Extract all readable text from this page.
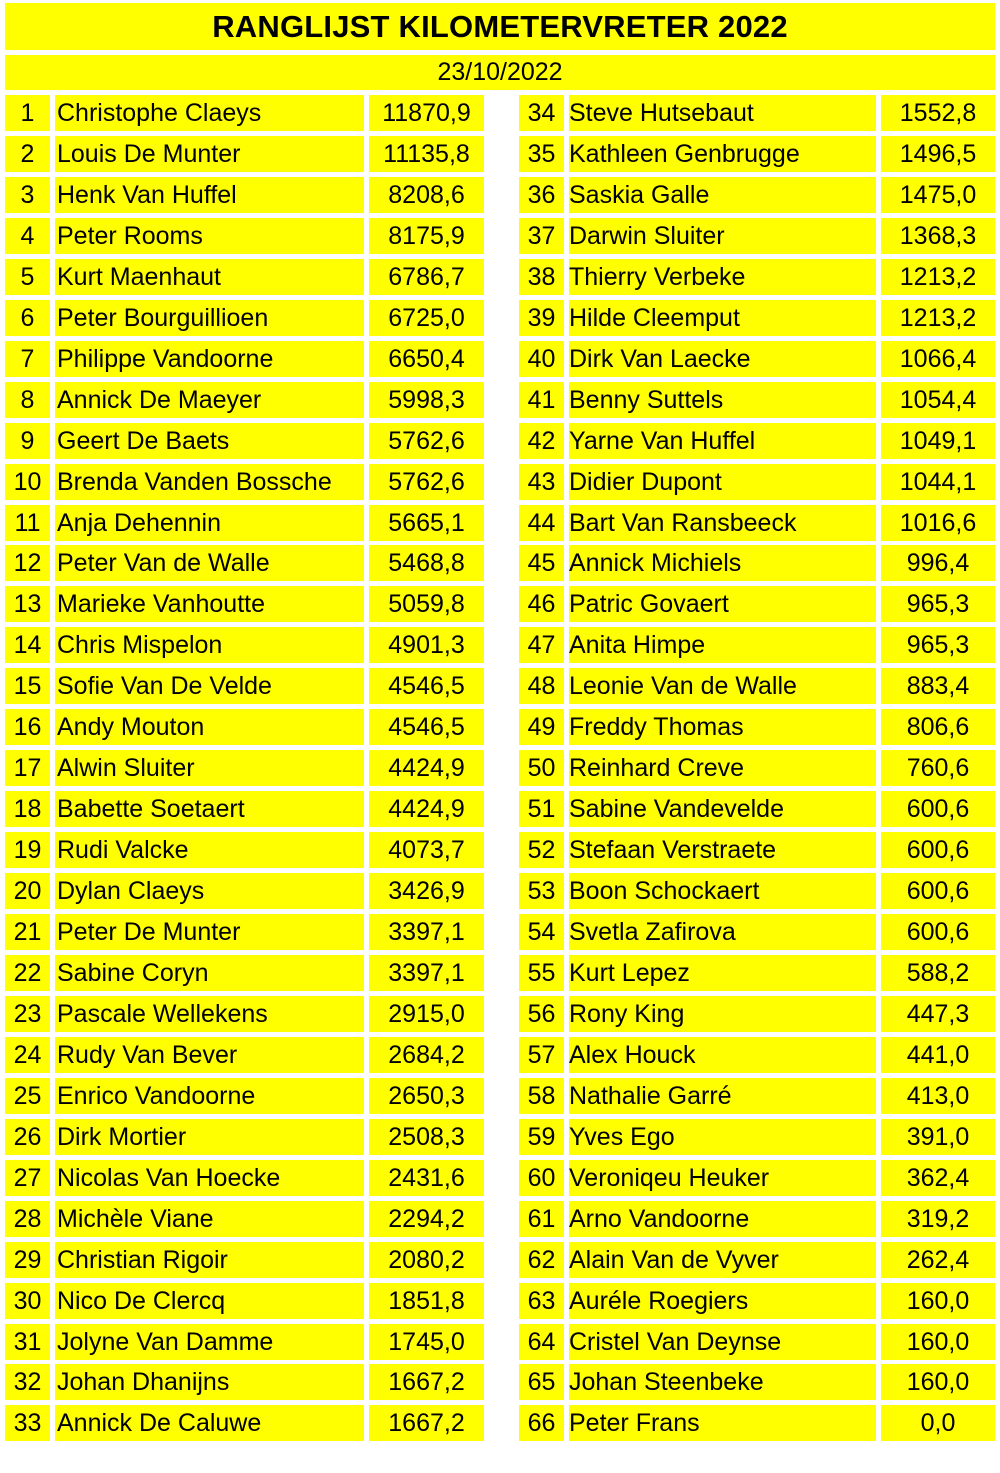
RANGLIJST KILOMETERVRETER 2022
23/10/2022
1 Christophe Claeys	11870,9	34 Steve Hutsebaut	1552,8
2 Louis De Munter	11135,8	35 Kathleen Genbrugge	1496,5
3 Henk Van Huffel	8208,6	36 Saskia Galle	1475,0
4 Peter Rooms	8175,9	37 Darwin Sluiter	1368,3
5 Kurt Maenhaut	6786,7	38 Thierry Verbeke	1213,2
6 Peter Bourguillioen	6725,0	39 Hilde Cleemput	1213,2
7 Philippe Vandoorne	6650,4	40 Dirk Van Laecke	1066,4
8 Annick De Maeyer	5998,3	41 Benny Suttels	1054,4
9 Geert De Baets	5762,6	42 Yarne Van Huffel	1049,1
10 Brenda Vanden Bossche	5762,6	43 Didier Dupont	1044,1
11 Anja Dehennin	5665,1	44 Bart Van Ransbeeck	1016,6
12 Peter Van de Walle	5468,8	45 Annick Michiels	996,4
13 Marieke Vanhoutte	5059,8	46 Patric Govaert	965,3
14 Chris Mispelon	4901,3	47 Anita Himpe	965,3
15 Sofie Van De Velde	4546,5	48 Leonie Van de Walle	883,4
16 Andy Mouton	4546,5	49 Freddy Thomas	806,6
17 Alwin Sluiter	4424,9	50 Reinhard Creve	760,6
18 Babette Soetaert	4424,9	51 Sabine Vandevelde	600,6
19 Rudi Valcke	4073,7	52 Stefaan Verstraete	600,6
20 Dylan Claeys	3426,9	53 Boon Schockaert	600,6
21 Peter De Munter	3397,1	54 Svetla Zafirova	600,6
22 Sabine Coryn	3397,1	55 Kurt Lepez	588,2
23 Pascale Wellekens	2915,0	56 Rony King	447,3
24 Rudy Van Bever	2684,2	57 Alex Houck	441,0
25 Enrico Vandoorne	2650,3	58 Nathalie Garré	413,0
26 Dirk Mortier	2508,3	59 Yves Ego	391,0
27 Nicolas Van Hoecke	2431,6	60 Veroniqeu Heuker	362,4
28 Michèle Viane	2294,2	61 Arno Vandoorne	319,2
29 Christian Rigoir	2080,2	62 Alain Van de Vyver	262,4
30 Nico De Clercq	1851,8	63 Auréle Roegiers	160,0
31 Jolyne Van Damme	1745,0	64 Cristel Van Deynse	160,0
32 Johan Dhanijns	1667,2	65 Johan Steenbeke	160,0
33 Annick De Caluwe	1667,2	66 Peter Frans	0,0
